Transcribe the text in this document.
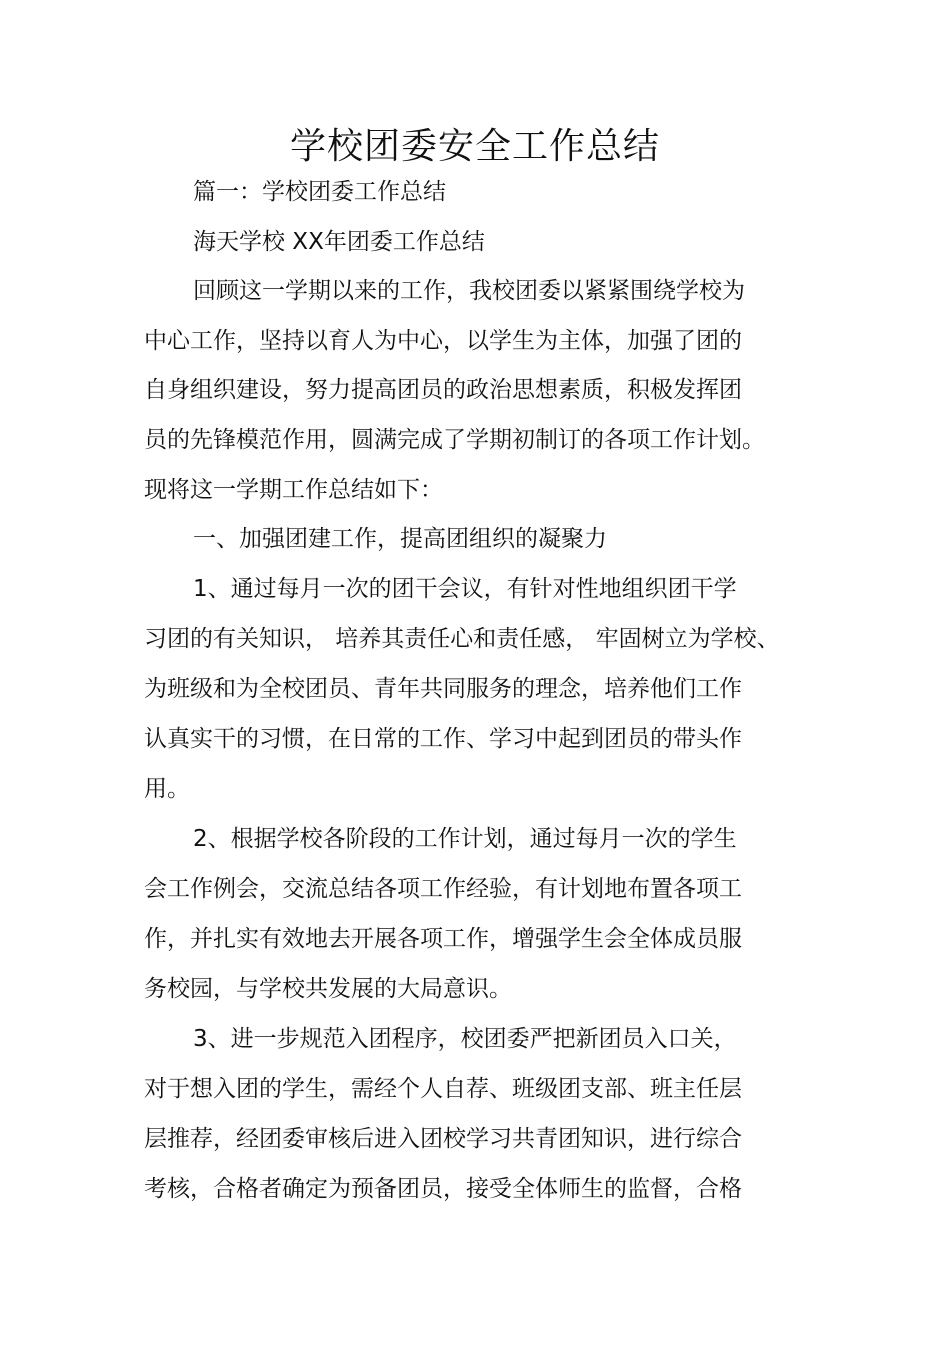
学校团委安全工作总结

篇一：学校团委工作总结

海天学校 XX年团委工作总结

回顾这一学期以来的工作，我校团委以紧紧围绕学校为

中心工作，坚持以育人为中心，以学生为主体，加强了团的

自身组织建设，努力提高团员的政治思想素质，积极发挥团

员的先锋模范作用，圆满完成了学期初制订的各项工作计划。

现将这一学期工作总结如下：

一、加强团建工作，提高团组织的凝聚力

1、通过每月一次的团干会议，有针对性地组织团干学

习团的有关知识， 培养其责任心和责任感， 牢固树立为学校、

为班级和为全校团员、青年共同服务的理念，培养他们工作

认真实干的习惯，在日常的工作、学习中起到团员的带头作

用。

2、根据学校各阶段的工作计划，通过每月一次的学生

会工作例会，交流总结各项工作经验，有计划地布置各项工

作，并扎实有效地去开展各项工作，增强学生会全体成员服

务校园，与学校共发展的大局意识。

3、进一步规范入团程序，校团委严把新团员入口关，

对于想入团的学生，需经个人自荐、班级团支部、班主任层

层推荐，经团委审核后进入团校学习共青团知识，进行综合

考核，合格者确定为预备团员，接受全体师生的监督，合格
